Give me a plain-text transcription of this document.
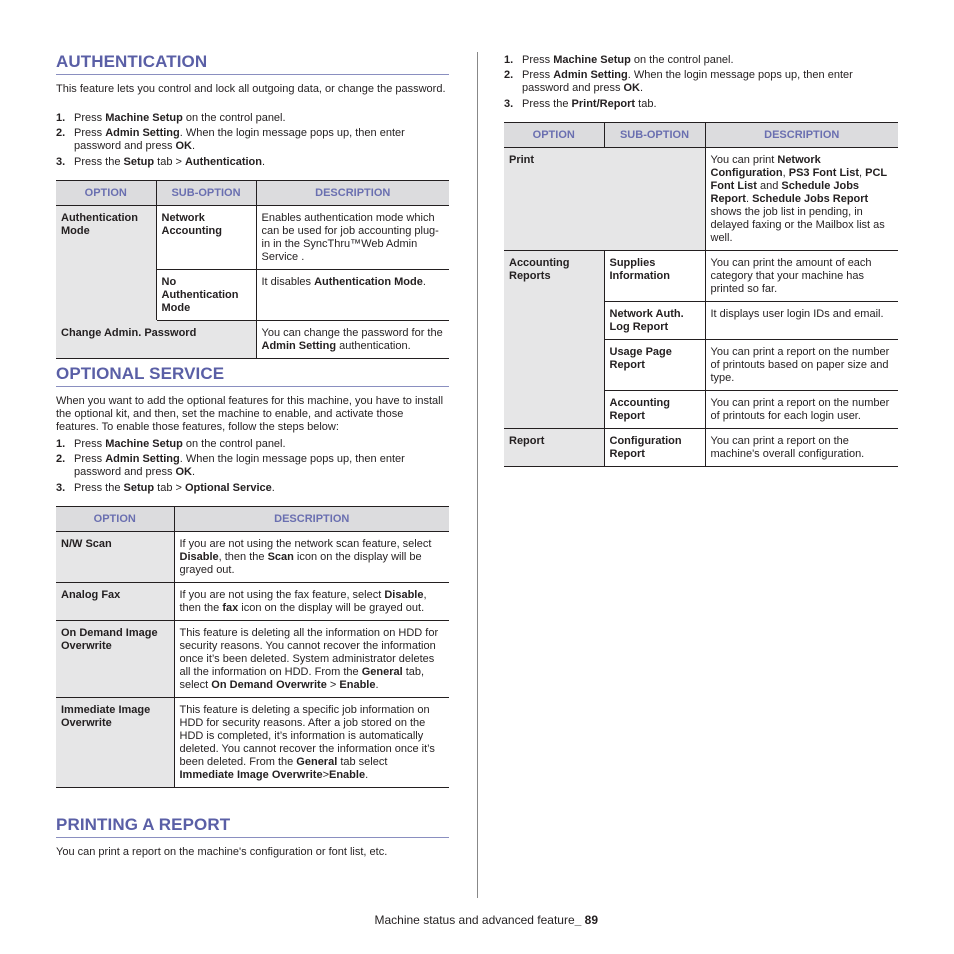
AUTHENTICATION

This feature lets you control and lock all outgoing data, or change the password.

1. Press Machine Setup on the control panel.
2. Press Admin Setting. When the login message pops up, then enter password and press OK.
3. Press the Setup tab > Authentication.
OPTION	SUB-OPTION	DESCRIPTION
Authentication Mode	Network Accounting	Enables authentication mode which can be used for job accounting plug-in in the SyncThru™Web Admin Service .
	No Authentication Mode	It disables Authentication Mode.
Change Admin. Password		You can change the password for the Admin Setting authentication.
OPTIONAL SERVICE

When you want to add the optional features for this machine, you have to install the optional kit, and then, set the machine to enable, and activate those features. To enable those features, follow the steps below:

1. Press Machine Setup on the control panel.
2. Press Admin Setting. When the login message pops up, then enter password and press OK.
3. Press the Setup tab > Optional Service.
OPTION	DESCRIPTION
N/W Scan	If you are not using the network scan feature, select Disable, then the Scan icon on the display will be grayed out.
Analog Fax	If you are not using the fax feature, select Disable, then the fax icon on the display will be grayed out.
On Demand Image Overwrite	This feature is deleting all the information on HDD for security reasons. You cannot recover the information once it’s been deleted. System administrator deletes all the information on HDD. From the General tab, select On Demand Overwrite > Enable.
Immediate Image Overwrite	This feature is deleting a specific job information on HDD for security reasons. After a job stored on the HDD is completed, it’s information is automatically deleted. You cannot recover the information once it’s been deleted. From the General tab select Immediate Image Overwrite>Enable.
PRINTING A REPORT

You can print a report on the machine's configuration or font list, etc.

1. Press Machine Setup on the control panel.
2. Press Admin Setting. When the login message pops up, then enter password and press OK.
3. Press the Print/Report tab.
OPTION	SUB-OPTION	DESCRIPTION
Print		You can print Network Configuration, PS3 Font List, PCL Font List and Schedule Jobs Report. Schedule Jobs Report shows the job list in pending, in delayed faxing or the Mailbox list as well.
Accounting Reports	Supplies Information	You can print the amount of each category that your machine has printed so far.
	Network Auth. Log Report	It displays user login IDs and email.
	Usage Page Report	You can print a report on the number of printouts based on paper size and type.
	Accounting Report	You can print a report on the number of printouts for each login user.
Report	Configuration Report	You can print a report on the machine's overall configuration.
Machine status and advanced feature_ 89
